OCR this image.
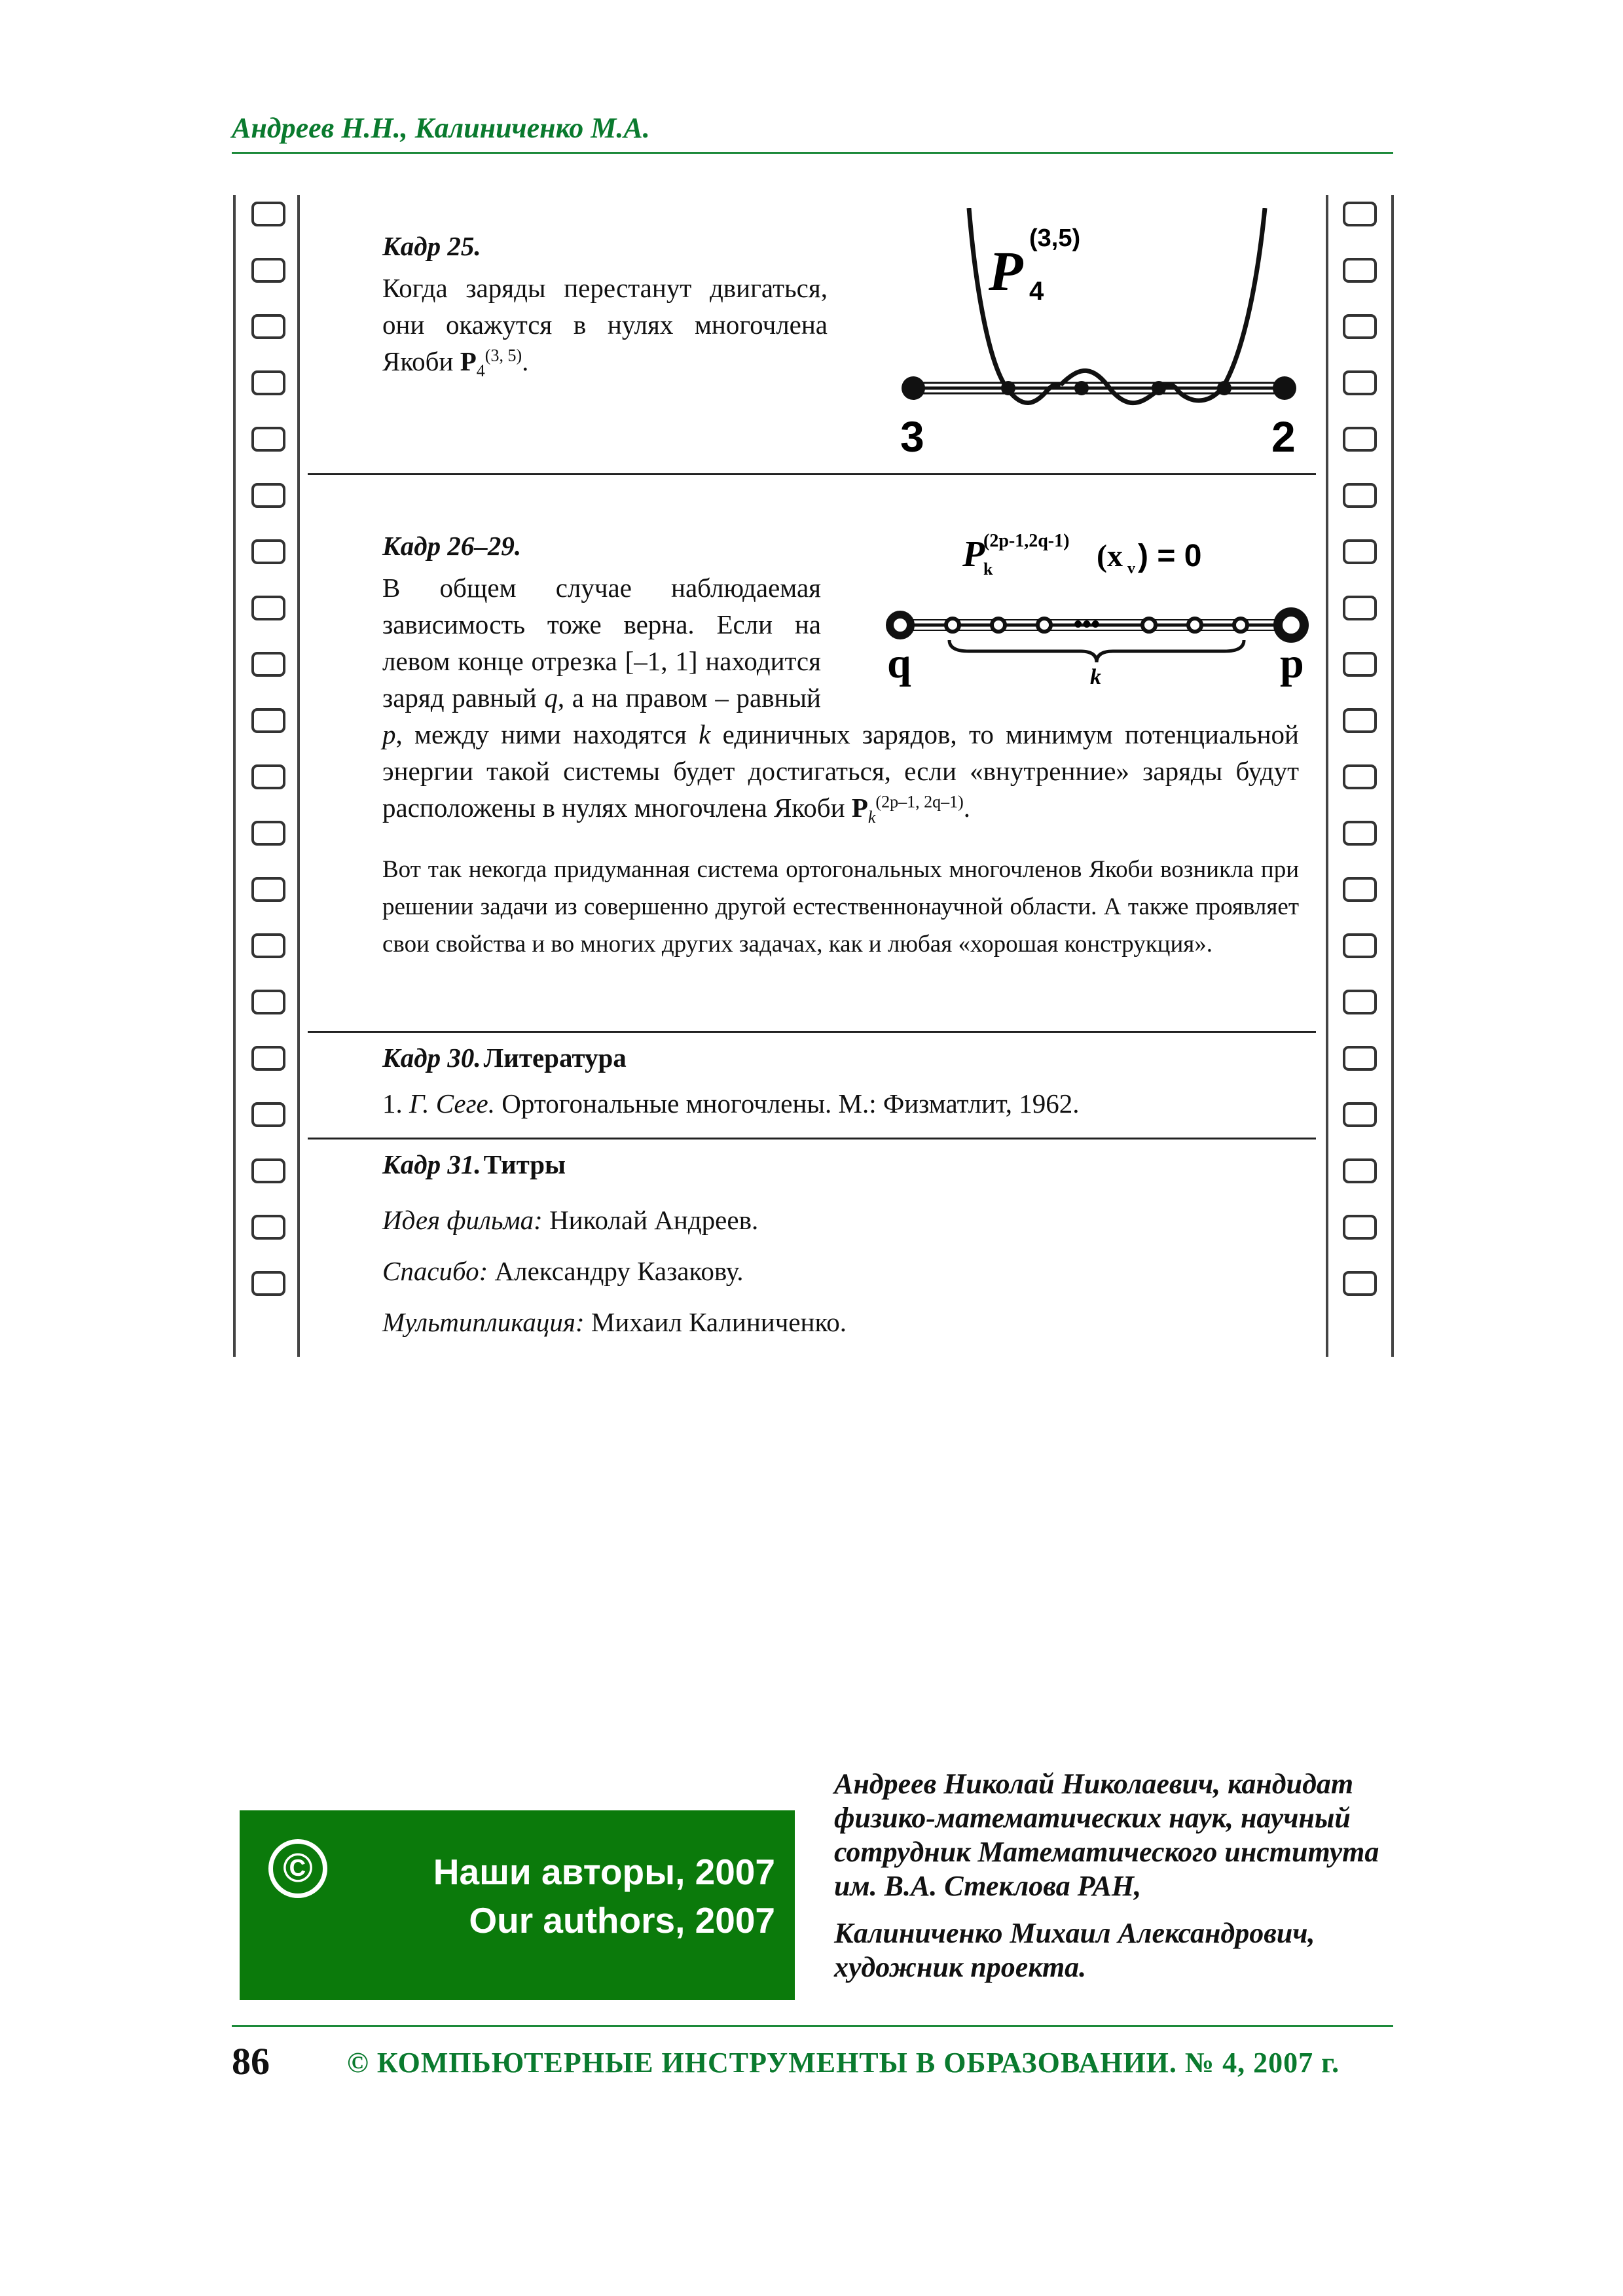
Андреев Н.Н., Калиниченко М.А.
Кадр 25.
Когда заряды перестанут двигаться, они окажутся в нулях многочлена Якоби $P_4^{(3, 5)}$.
P 4
(3,5)
3	2
Кадр 26–29.
В общем случае наблюдаемая зависимость тоже верна. Если на левом конце отрезка [–1, 1] находится заряд равный q, а на правом – равный p, между ними находятся k единичных зарядов, то минимум потенциальной энергии такой системы будет достигаться, если «внутренние» заряды будут расположены в нулях многочлена Якоби $P_k^{(2p-1, 2q-1)}$.
P
k
(2p-1,2q-1) (x v ) = 0
•••
q	p
k
Вот так некогда придуманная система ортогональных многочленов Якоби возникла при решении задачи из совершенно другой естественнонаучной области. А также проявляет свои свойства и во многих других задачах, как и любая «хорошая конструкция».
Кадр 30. Литература
1. Г. Сеге. Ортогональные многочлены. М.: Физматлит, 1962.
Кадр 31. Титры
Идея фильма: Николай Андреев.
Спасибо: Александру Казакову.
Мультипликация: Михаил Калиниченко.
©	Наши авторы, 2007
Our authors, 2007
Андреев Николай Николаевич, кандидат физико-математических наук, научный сотрудник Математического института им. В.А. Стеклова РАН,
Калиниченко Михаил Александрович, художник проекта.
86	© КОМПЬЮТЕРНЫЕ ИНСТРУМЕНТЫ В ОБРАЗОВАНИИ. № 4, 2007 г.
